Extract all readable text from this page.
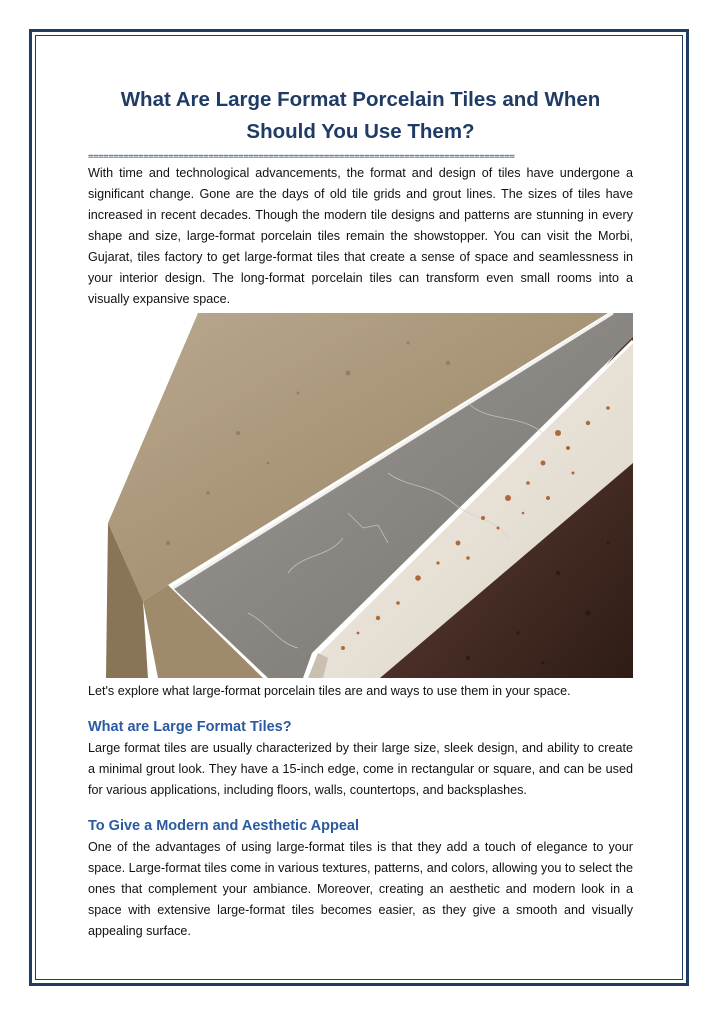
What Are Large Format Porcelain Tiles and When Should You Use Them?
=====================================================================================

With time and technological advancements, the format and design of tiles have undergone a significant change. Gone are the days of old tile grids and grout lines. The sizes of tiles have increased in recent decades. Though the modern tile designs and patterns are stunning in every shape and size, large-format porcelain tiles remain the showstopper. You can visit the Morbi, Gujarat, tiles factory to get large-format tiles that create a sense of space and seamlessness in your interior design. The long-format porcelain tiles can transform even small rooms into a visually expansive space.

Let's explore what large-format porcelain tiles are and ways to use them in your space.

What are Large Format Tiles?

Large format tiles are usually characterized by their large size, sleek design, and ability to create a minimal grout look. They have a 15-inch edge, come in rectangular or square, and can be used for various applications, including floors, walls, countertops, and backsplashes.

To Give a Modern and Aesthetic Appeal

One of the advantages of using large-format tiles is that they add a touch of elegance to your space. Large-format tiles come in various textures, patterns, and colors, allowing you to select the ones that complement your ambiance. Moreover, creating an aesthetic and modern look in a space with extensive large-format tiles becomes easier, as they give a smooth and visually appealing surface.
